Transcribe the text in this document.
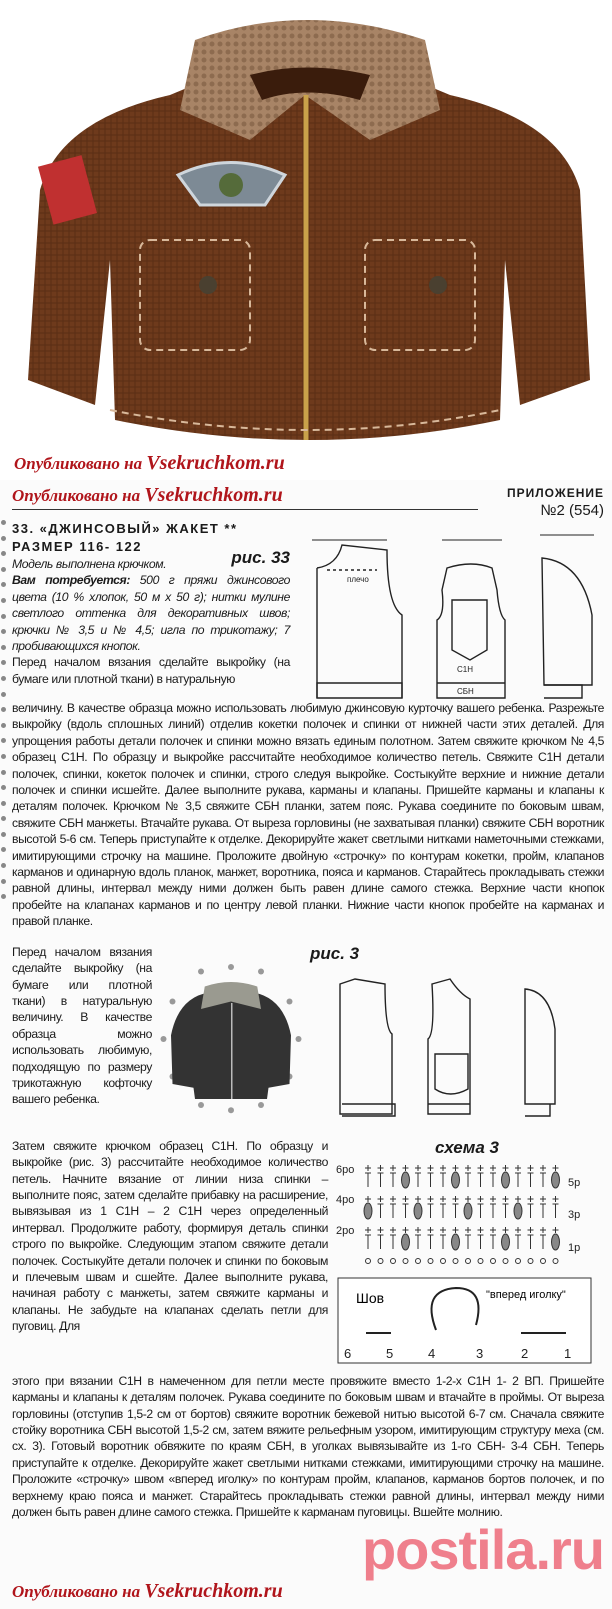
Опубликовано на Vsekruchkom.ru
Опубликовано на Vsekruchkom.ru	ПРИЛОЖЕНИЕ
№2 (554)
33. «ДЖИНСОВЫЙ» ЖАКЕТ **
РАЗМЕР 116- 122
Модель выполнена крючком.	рис. 33
Вам потребуется: 500 г пряжи джинсового цвета (10 % хлопок, 50 м х 50 г); нитки мулине светлого оттенка для декоративных швов; крючки № 3,5 и № 4,5; игла по трикотажу; 7 пробивающихся кнопок.
Перед началом вязания сделайте выкройку (на бумаге или плотной ткани) в натуральную
плечо
С1Н
СБН
величину. В качестве образца можно использовать любимую джинсовую курточку вашего ребенка. Разрежьте выкройку (вдоль сплошных линий) отделив кокетки полочек и спинки от нижней части этих деталей. Для упрощения работы детали полочек и спинки можно вязать единым полотном. Затем свяжите крючком № 4,5 образец С1Н. По образцу и выкройке рассчитайте необходимое количество петель. Свяжите С1Н детали полочек, спинки, кокеток полочек и спинки, строго следуя выкройке. Состыкуйте верхние и нижние детали полочек и спинки исшейте. Далее выполните рукава, карманы и клапаны. Пришейте карманы и клапаны к деталям полочек. Крючком № 3,5 свяжите СБН планки, затем пояс. Рукава соедините по боковым швам, свяжите СБН манжеты. Втачайте рукава. От выреза горловины (не захватывая планки) свяжите СБН воротник высотой 5-6 см. Теперь приступайте к отделке. Декорируйте жакет светлыми нитками наметочными стежками, имитирующими строчку на машине. Проложите двойную «строчку» по контурам кокетки, пройм, клапанов карманов и одинарную вдоль планок, манжет, воротника, пояса и карманов. Старайтесь прокладывать стежки равной длины, интервал между ними должен быть равен длине самого стежка. Верхние части кнопок пробейте на клапанах карманов и по центру левой планки. Нижние части кнопок пробейте на карманах и правой планке.
Перед началом вязания сделайте выкройку (на бумаге или плотной ткани) в натуральную величину. В качестве образца можно использовать любимую, подходящую по размеру трикотажную кофточку вашего ребенка.
рис. 3
Затем свяжите крючком образец С1Н. По образцу и выкройке (рис. 3) рассчитайте необходимое количество петель. Начните вязание от линии низа спинки – выполните пояс, затем сделайте прибавку на расширение, вывязывая из 1 С1Н – 2 С1Н через определенный интервал. Продолжите работу, формируя деталь спинки строго по выкройке. Следующим этапом свяжите детали полочек. Состыкуйте детали полочек и спинки по боковым и плечевым швам и сшейте. Далее выполните рукава, начиная работу с манжеты, затем свяжите карманы и клапаны. Не забудьте на клапанах сделать петли для пуговиц. Для
схема 3
6ро
5р
4ро
3р
2ро
1р
Шов	"вперед иголку"
6	5	4	3	2	1
этого при вязании С1Н в намеченном для петли месте провяжите вместо 1-2-х С1Н 1- 2 ВП. Пришейте карманы и клапаны к деталям полочек. Рукава соедините по боковым швам и втачайте в проймы. От выреза горловины (отступив 1,5-2 см от бортов) свяжите воротник бежевой нитью высотой 6-7 см. Сначала свяжите стойку воротника СБН высотой 1,5-2 см, затем вяжите рельефным узором, имитирующим структуру меха (см. сх. 3). Готовый воротник обвяжите по краям СБН, в уголках вывязывайте из 1-го СБН- 3-4 СБН. Теперь приступайте к отделке. Декорируйте жакет светлыми нитками стежками, имитирующими строчку на машине. Проложите «строчку» швом «вперед иголку» по контурам пройм, клапанов, карманов бортов полочек, и по верхнему краю пояса и манжет. Старайтесь прокладывать стежки равной длины, интервал между ними должен быть равен длине самого стежка. Пришейте к карманам пуговицы. Вшейте молнию.
postila.ru
Опубликовано на Vsekruchkom.ru
